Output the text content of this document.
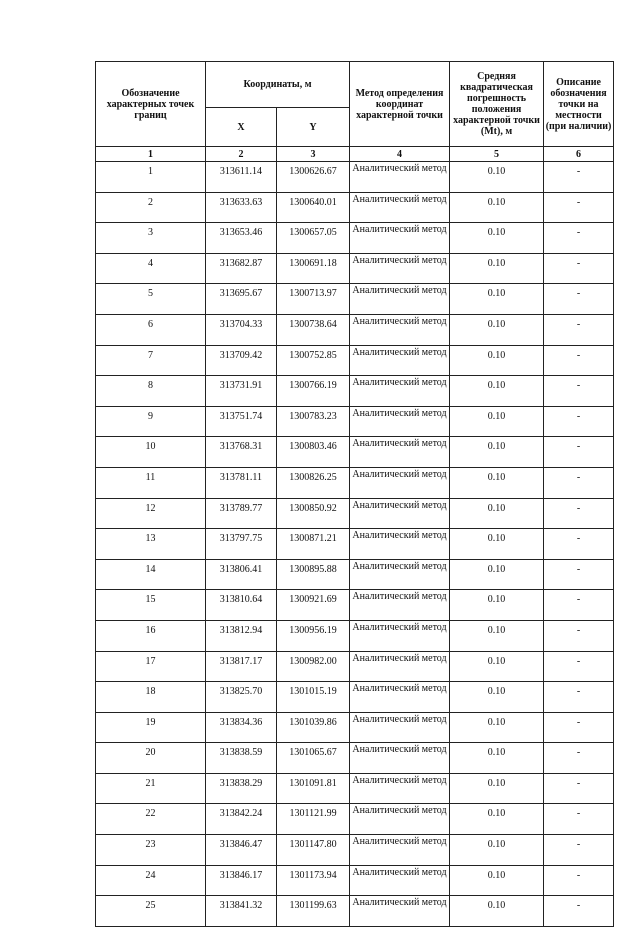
Обозначение характерных точек границ	Координаты, м		Метод определения координат характерной точки	Средняя квадратическая погрешность положения характерной точки (Mt), м	Описание обозначения точки на местности (при наличии)
	X	Y			
1	2	3	4	5	6
1	313611.14	1300626.67	Аналитический метод	0.10	-
2	313633.63	1300640.01	Аналитический метод	0.10	-
3	313653.46	1300657.05	Аналитический метод	0.10	-
4	313682.87	1300691.18	Аналитический метод	0.10	-
5	313695.67	1300713.97	Аналитический метод	0.10	-
6	313704.33	1300738.64	Аналитический метод	0.10	-
7	313709.42	1300752.85	Аналитический метод	0.10	-
8	313731.91	1300766.19	Аналитический метод	0.10	-
9	313751.74	1300783.23	Аналитический метод	0.10	-
10	313768.31	1300803.46	Аналитический метод	0.10	-
11	313781.11	1300826.25	Аналитический метод	0.10	-
12	313789.77	1300850.92	Аналитический метод	0.10	-
13	313797.75	1300871.21	Аналитический метод	0.10	-
14	313806.41	1300895.88	Аналитический метод	0.10	-
15	313810.64	1300921.69	Аналитический метод	0.10	-
16	313812.94	1300956.19	Аналитический метод	0.10	-
17	313817.17	1300982.00	Аналитический метод	0.10	-
18	313825.70	1301015.19	Аналитический метод	0.10	-
19	313834.36	1301039.86	Аналитический метод	0.10	-
20	313838.59	1301065.67	Аналитический метод	0.10	-
21	313838.29	1301091.81	Аналитический метод	0.10	-
22	313842.24	1301121.99	Аналитический метод	0.10	-
23	313846.47	1301147.80	Аналитический метод	0.10	-
24	313846.17	1301173.94	Аналитический метод	0.10	-
25	313841.32	1301199.63	Аналитический метод	0.10	-
